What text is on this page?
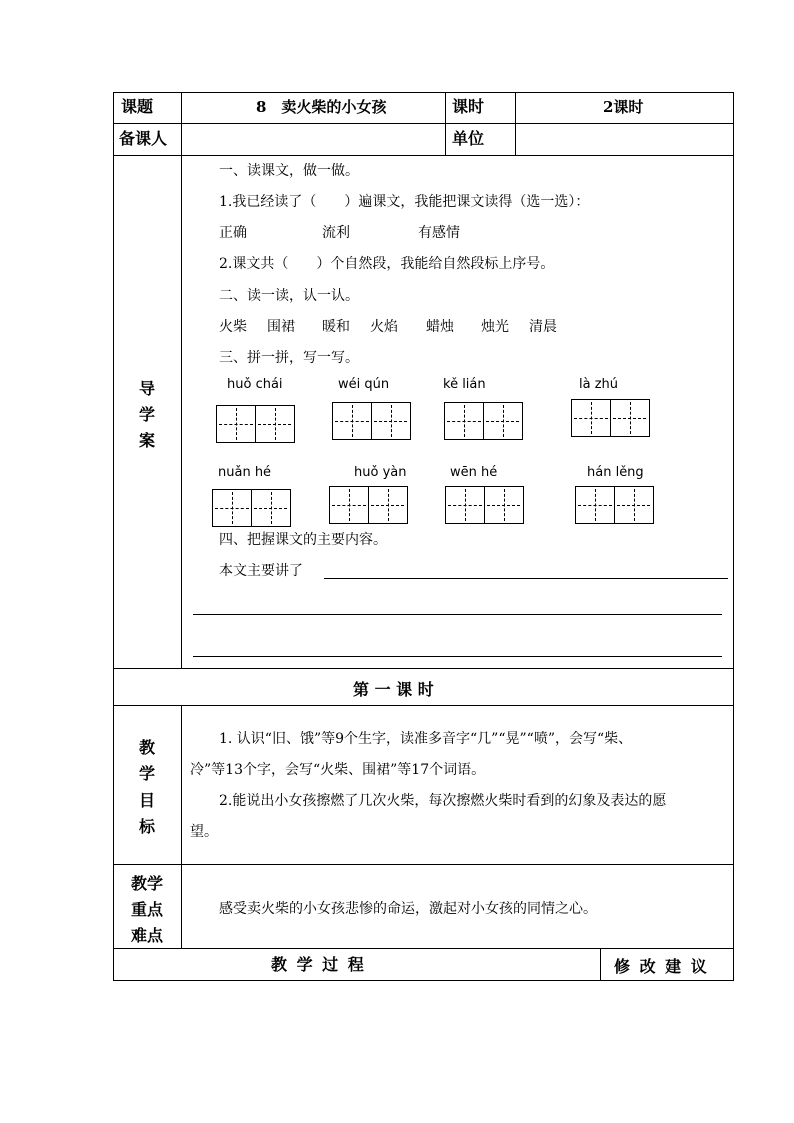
课题	8　卖火柴的小女孩	课时	2课时
备课人	单位
导
学
案
一、读课文，做一做。
1.我已经读了（　　）遍课文，我能把课文读得（选一选）：
正确	流利	有感情
2.课文共（　　）个自然段，我能给自然段标上序号。
二、读一读，认一认。
火柴 围裙 暖和 火焰 蜡烛 烛光 清晨
三、拼一拼，写一写。
huǒ chái	wéi qún	kě lián	là zhú
nuǎn hé	huǒ yàn	wēn hé	hán lěng
四、把握课文的主要内容。
本文主要讲了
第 一 课 时
教
学
目
标
1. 认识“旧、饿”等9个生字，读准多音字“几”“晃”“喷”，会写“柴、
冷”等13个字，会写“火柴、围裙”等17个词语。
2.能说出小女孩擦燃了几次火柴，每次擦燃火柴时看到的幻象及表达的愿
望。
教学
重点
难点
感受卖火柴的小女孩悲惨的命运，激起对小女孩的同情之心。
教 学 过 程	修 改 建 议
